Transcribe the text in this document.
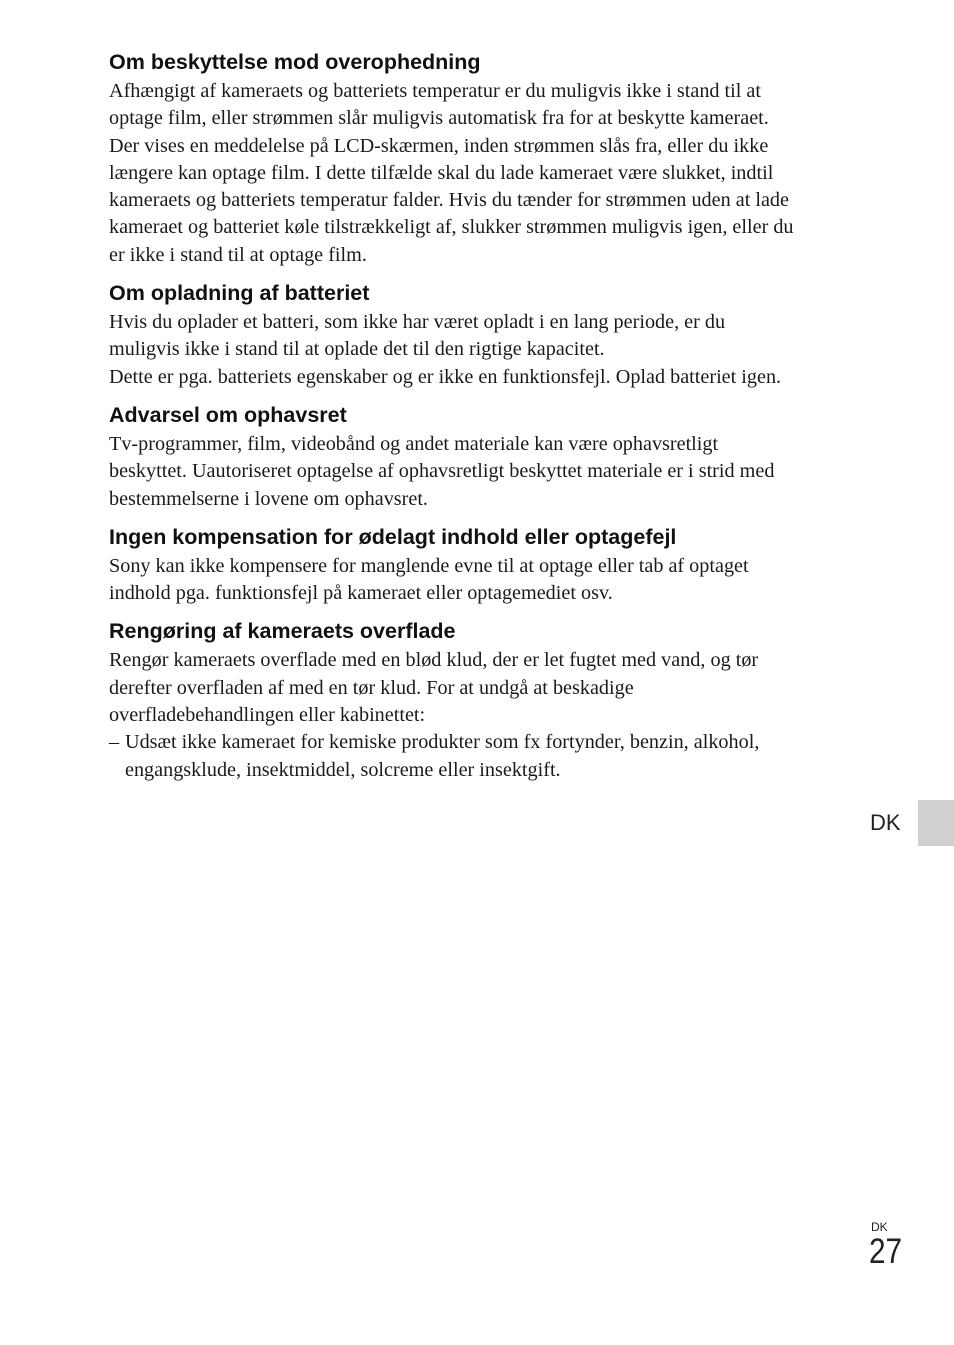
Om beskyttelse mod overophedning

Afhængigt af kameraets og batteriets temperatur er du muligvis ikke i stand til at
optage film, eller strømmen slår muligvis automatisk fra for at beskytte kameraet.
Der vises en meddelelse på LCD-skærmen, inden strømmen slås fra, eller du ikke
længere kan optage film. I dette tilfælde skal du lade kameraet være slukket, indtil
kameraets og batteriets temperatur falder. Hvis du tænder for strømmen uden at lade
kameraet og batteriet køle tilstrækkeligt af, slukker strømmen muligvis igen, eller du
er ikke i stand til at optage film.

Om opladning af batteriet

Hvis du oplader et batteri, som ikke har været opladt i en lang periode, er du
muligvis ikke i stand til at oplade det til den rigtige kapacitet.
Dette er pga. batteriets egenskaber og er ikke en funktionsfejl. Oplad batteriet igen.

Advarsel om ophavsret

Tv-programmer, film, videobånd og andet materiale kan være ophavsretligt
beskyttet. Uautoriseret optagelse af ophavsretligt beskyttet materiale er i strid med
bestemmelserne i lovene om ophavsret.

Ingen kompensation for ødelagt indhold eller optagefejl

Sony kan ikke kompensere for manglende evne til at optage eller tab af optaget
indhold pga. funktionsfejl på kameraet eller optagemediet osv.

Rengøring af kameraets overflade

Rengør kameraets overflade med en blød klud, der er let fugtet med vand, og tør
derefter overfladen af med en tør klud. For at undgå at beskadige
overfladebehandlingen eller kabinettet:

– Udsæt ikke kameraet for kemiske produkter som fx fortynder, benzin, alkohol,
engangsklude, insektmiddel, solcreme eller insektgift.
DK
DK
27
